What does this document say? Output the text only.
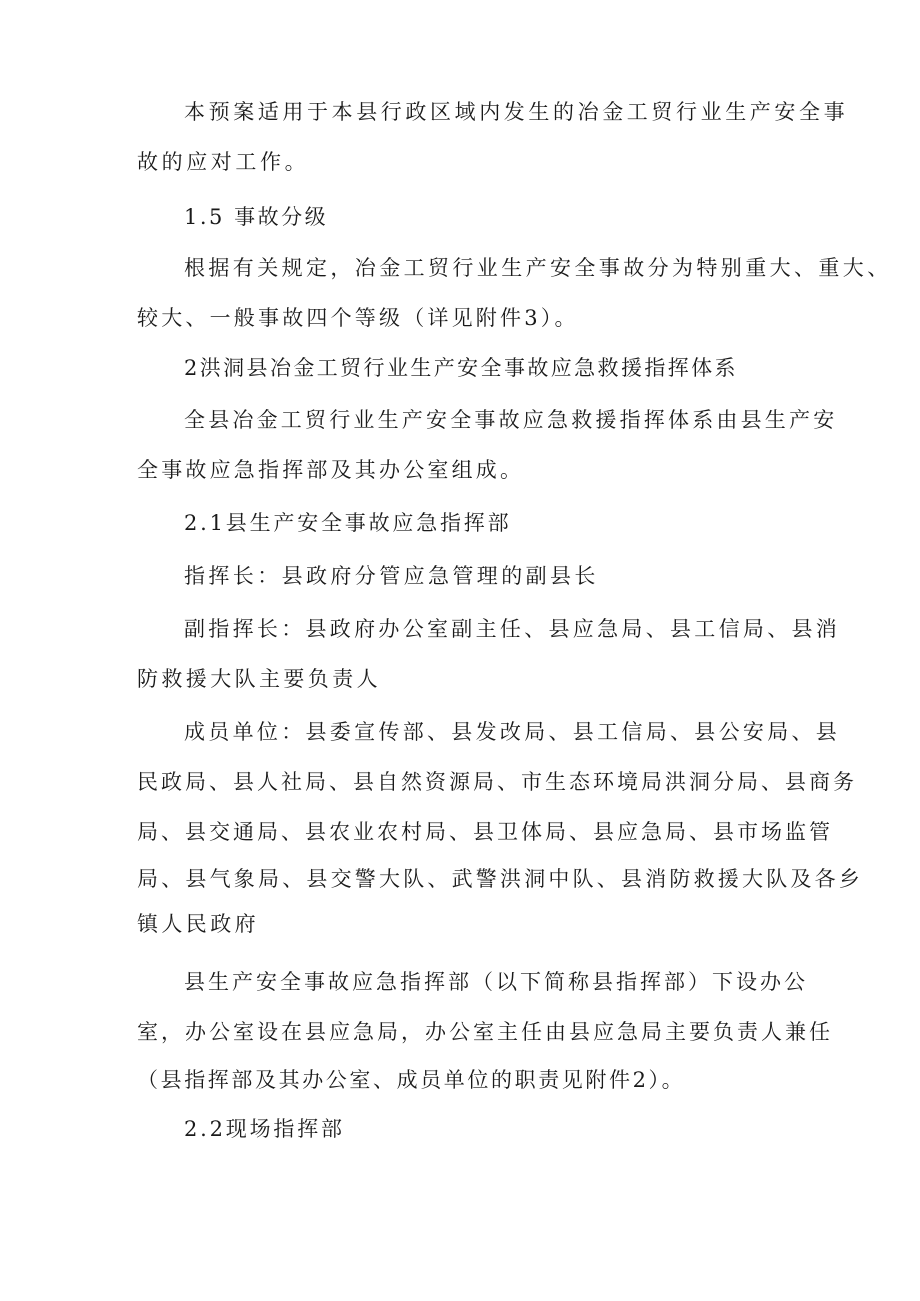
本预案适用于本县行政区域内发生的冶金工贸行业生产安全事
故的应对工作。
1.5 事故分级
根据有关规定，冶金工贸行业生产安全事故分为特别重大、重大、
较大、一般事故四个等级（详见附件3）。
2洪洞县冶金工贸行业生产安全事故应急救援指挥体系
全县冶金工贸行业生产安全事故应急救援指挥体系由县生产安
全事故应急指挥部及其办公室组成。
2.1县生产安全事故应急指挥部
指挥长：县政府分管应急管理的副县长
副指挥长：县政府办公室副主任、县应急局、县工信局、县消
防救援大队主要负责人
成员单位：县委宣传部、县发改局、县工信局、县公安局、县
民政局、县人社局、县自然资源局、市生态环境局洪洞分局、县商务
局、县交通局、县农业农村局、县卫体局、县应急局、县市场监管
局、县气象局、县交警大队、武警洪洞中队、县消防救援大队及各乡
镇人民政府
县生产安全事故应急指挥部（以下简称县指挥部）下设办公
室，办公室设在县应急局，办公室主任由县应急局主要负责人兼任
（县指挥部及其办公室、成员单位的职责见附件2）。
2.2现场指挥部
